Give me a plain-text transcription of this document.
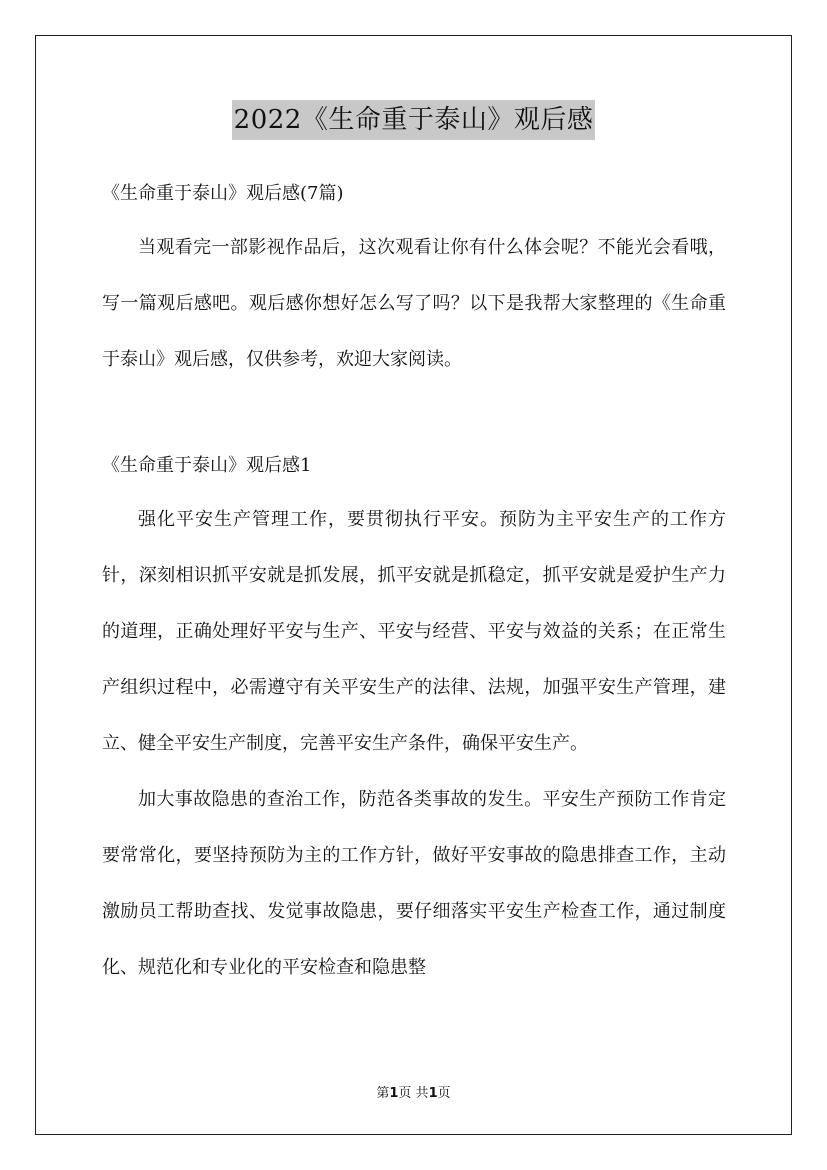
2022《生命重于泰山》观后感
《生命重于泰山》观后感(7篇)

当观看完一部影视作品后，这次观看让你有什么体会呢？不能光会看哦，写一篇观后感吧。观后感你想好怎么写了吗？以下是我帮大家整理的《生命重于泰山》观后感，仅供参考，欢迎大家阅读。

《生命重于泰山》观后感1

强化平安生产管理工作，要贯彻执行平安。预防为主平安生产的工作方针，深刻相识抓平安就是抓发展，抓平安就是抓稳定，抓平安就是爱护生产力的道理，正确处理好平安与生产、平安与经营、平安与效益的关系；在正常生产组织过程中，必需遵守有关平安生产的法律、法规，加强平安生产管理，建立、健全平安生产制度，完善平安生产条件，确保平安生产。

加大事故隐患的查治工作，防范各类事故的发生。平安生产预防工作肯定要常常化，要坚持预防为主的工作方针，做好平安事故的隐患排查工作，主动激励员工帮助查找、发觉事故隐患，要仔细落实平安生产检查工作，通过制度化、规范化和专业化的平安检查和隐患整

第1页 共1页
